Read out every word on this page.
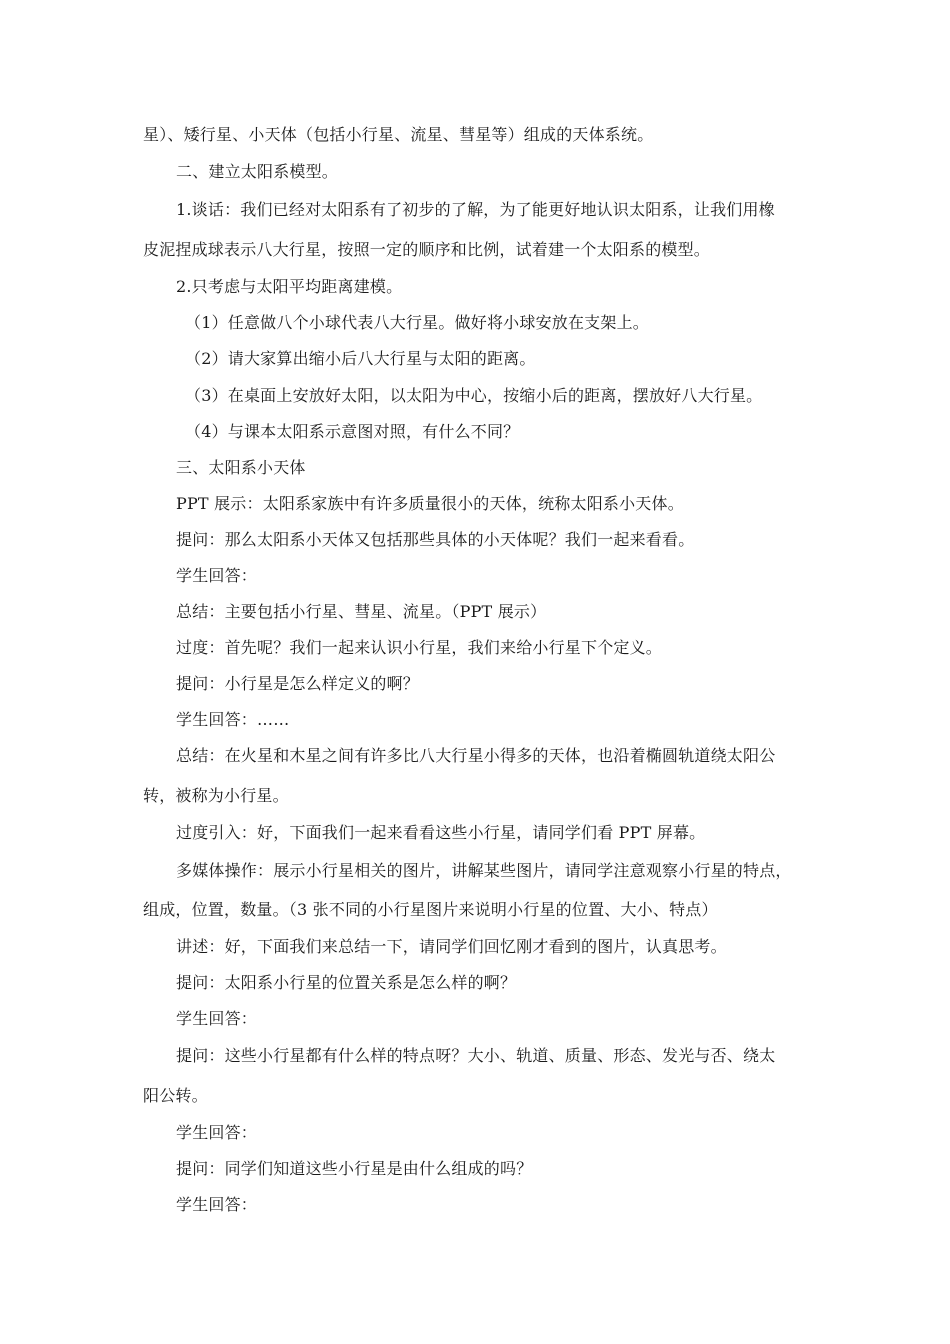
星）、矮行星、小天体（包括小行星、流星、彗星等）组成的天体系统。
二、建立太阳系模型。
1.谈话：我们已经对太阳系有了初步的了解，为了能更好地认识太阳系，让我们用橡
皮泥捏成球表示八大行星，按照一定的顺序和比例，试着建一个太阳系的模型。
2.只考虑与太阳平均距离建模。
（1）任意做八个小球代表八大行星。做好将小球安放在支架上。
（2）请大家算出缩小后八大行星与太阳的距离。
（3）在桌面上安放好太阳，以太阳为中心，按缩小后的距离，摆放好八大行星。
（4）与课本太阳系示意图对照，有什么不同？
三、太阳系小天体
PPT 展示：太阳系家族中有许多质量很小的天体，统称太阳系小天体。
提问：那么太阳系小天体又包括那些具体的小天体呢？我们一起来看看。
学生回答：
总结：主要包括小行星、彗星、流星。（PPT 展示）
过度：首先呢？我们一起来认识小行星，我们来给小行星下个定义。
提问：小行星是怎么样定义的啊？
学生回答：……
总结：在火星和木星之间有许多比八大行星小得多的天体，也沿着椭圆轨道绕太阳公
转，被称为小行星。
过度引入：好，下面我们一起来看看这些小行星，请同学们看 PPT 屏幕。
多媒体操作：展示小行星相关的图片，讲解某些图片，请同学注意观察小行星的特点，
组成，位置，数量。（3 张不同的小行星图片来说明小行星的位置、大小、特点）
讲述：好，下面我们来总结一下，请同学们回忆刚才看到的图片，认真思考。
提问：太阳系小行星的位置关系是怎么样的啊？
学生回答：
提问：这些小行星都有什么样的特点呀？大小、轨道、质量、形态、发光与否、绕太
阳公转。
学生回答：
提问：同学们知道这些小行星是由什么组成的吗？
学生回答：
